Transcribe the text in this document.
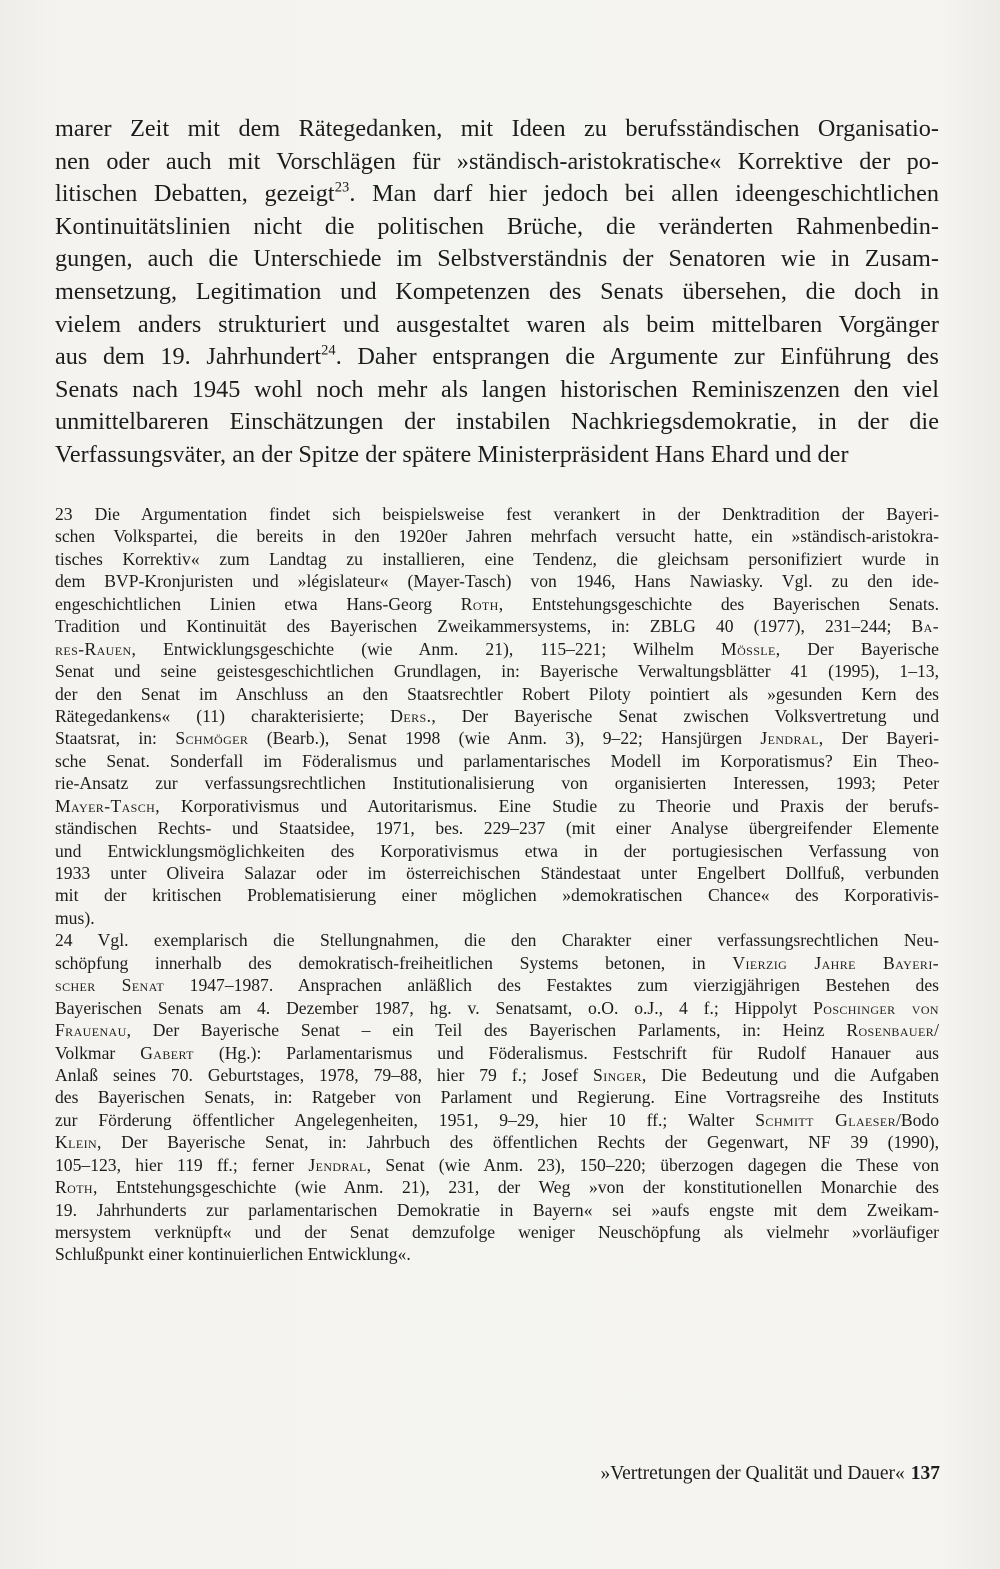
marer Zeit mit dem Rätegedanken, mit Ideen zu berufsständischen Organisatio-
nen oder auch mit Vorschlägen für »ständisch-aristokratische« Korrektive der po-
litischen Debatten, gezeigt$^{23}$. Man darf hier jedoch bei allen ideengeschichtlichen
Kontinuitätslinien nicht die politischen Brüche, die veränderten Rahmenbedin-
gungen, auch die Unterschiede im Selbstverständnis der Senatoren wie in Zusam-
mensetzung, Legitimation und Kompetenzen des Senats übersehen, die doch in
vielem anders strukturiert und ausgestaltet waren als beim mittelbaren Vorgänger
aus dem 19. Jahrhundert$^{24}$. Daher entsprangen die Argumente zur Einführung des
Senats nach 1945 wohl noch mehr als langen historischen Reminiszenzen den viel
unmittelbareren Einschätzungen der instabilen Nachkriegsdemokratie, in der die
Verfassungsväter, an der Spitze der spätere Ministerpräsident Hans Ehard und der
23 Die Argumentation findet sich beispielsweise fest verankert in der Denktradition der Bayeri-
schen Volkspartei, die bereits in den 1920er Jahren mehrfach versucht hatte, ein »ständisch-aristokra-
tisches Korrektiv« zum Landtag zu installieren, eine Tendenz, die gleichsam personifiziert wurde in
dem BVP-Kronjuristen und »législateur« (Mayer-Tasch) von 1946, Hans Nawiasky. Vgl. zu den ide-
engeschichtlichen Linien etwa Hans-Georg Roth, Entstehungsgeschichte des Bayerischen Senats.
Tradition und Kontinuität des Bayerischen Zweikammersystems, in: ZBLG 40 (1977), 231–244; Ba-
res-Rauen, Entwicklungsgeschichte (wie Anm. 21), 115–221; Wilhelm Mössle, Der Bayerische
Senat und seine geistesgeschichtlichen Grundlagen, in: Bayerische Verwaltungsblätter 41 (1995), 1–13,
der den Senat im Anschluss an den Staatsrechtler Robert Piloty pointiert als »gesunden Kern des
Rätegedankens« (11) charakterisierte; Ders., Der Bayerische Senat zwischen Volksvertretung und
Staatsrat, in: Schmöger (Bearb.), Senat 1998 (wie Anm. 3), 9–22; Hansjürgen Jendral, Der Bayeri-
sche Senat. Sonderfall im Föderalismus und parlamentarisches Modell im Korporatismus? Ein Theo-
rie-Ansatz zur verfassungsrechtlichen Institutionalisierung von organisierten Interessen, 1993; Peter
Mayer-Tasch, Korporativismus und Autoritarismus. Eine Studie zu Theorie und Praxis der berufs-
ständischen Rechts- und Staatsidee, 1971, bes. 229–237 (mit einer Analyse übergreifender Elemente
und Entwicklungsmöglichkeiten des Korporativismus etwa in der portugiesischen Verfassung von
1933 unter Oliveira Salazar oder im österreichischen Ständestaat unter Engelbert Dollfuß, verbunden
mit der kritischen Problematisierung einer möglichen »demokratischen Chance« des Korporativis-
mus).
24 Vgl. exemplarisch die Stellungnahmen, die den Charakter einer verfassungsrechtlichen Neu-
schöpfung innerhalb des demokratisch-freiheitlichen Systems betonen, in Vierzig Jahre Bayeri-
scher Senat 1947–1987. Ansprachen anläßlich des Festaktes zum vierzigjährigen Bestehen des
Bayerischen Senats am 4. Dezember 1987, hg. v. Senatsamt, o.O. o.J., 4 f.; Hippolyt Poschinger von
Frauenau, Der Bayerische Senat – ein Teil des Bayerischen Parlaments, in: Heinz Rosenbauer/
Volkmar Gabert (Hg.): Parlamentarismus und Föderalismus. Festschrift für Rudolf Hanauer aus
Anlaß seines 70. Geburtstages, 1978, 79–88, hier 79 f.; Josef Singer, Die Bedeutung und die Aufgaben
des Bayerischen Senats, in: Ratgeber von Parlament und Regierung. Eine Vortragsreihe des Instituts
zur Förderung öffentlicher Angelegenheiten, 1951, 9–29, hier 10 ff.; Walter Schmitt Glaeser/Bodo
Klein, Der Bayerische Senat, in: Jahrbuch des öffentlichen Rechts der Gegenwart, NF 39 (1990),
105–123, hier 119 ff.; ferner Jendral, Senat (wie Anm. 23), 150–220; überzogen dagegen die These von
Roth, Entstehungsgeschichte (wie Anm. 21), 231, der Weg »von der konstitutionellen Monarchie des
19. Jahrhunderts zur parlamentarischen Demokratie in Bayern« sei »aufs engste mit dem Zweikam-
mersystem verknüpft« und der Senat demzufolge weniger Neuschöpfung als vielmehr »vorläufiger
Schlußpunkt einer kontinuierlichen Entwicklung«.
»Vertretungen der Qualität und Dauer« 137
